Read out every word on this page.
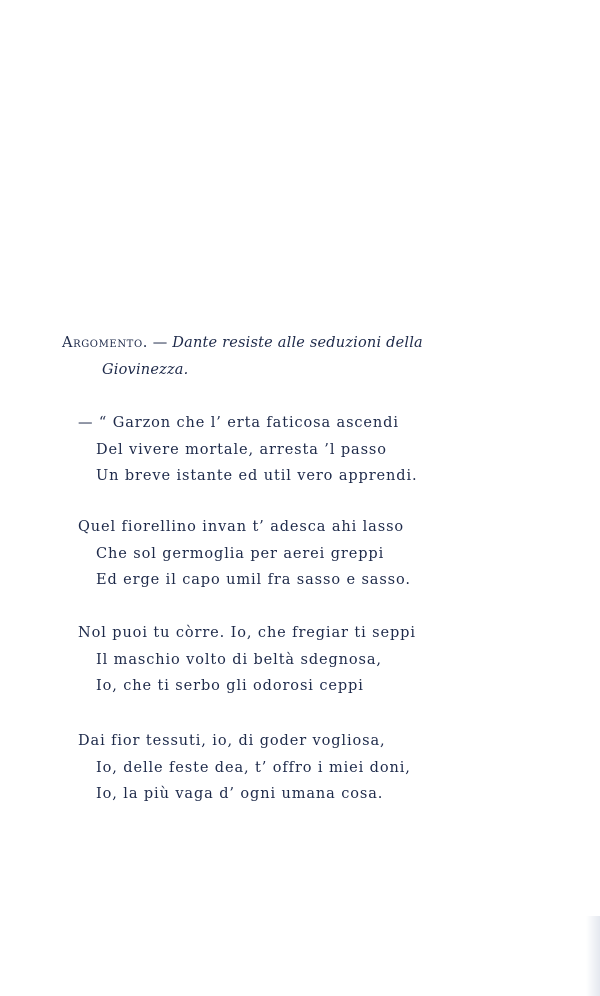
Argomento. — Dante resiste alle seduzioni della
Giovinezza.
— “ Garzon che l’ erta faticosa ascendi
Del vivere mortale, arresta ’l passo
Un breve istante ed util vero apprendi.
Quel fiorellino invan t’ adesca ahi lasso
Che sol germoglia per aerei greppi
Ed erge il capo umil fra sasso e sasso.
Nol puoi tu còrre. Io, che fregiar ti seppi
Il maschio volto di beltà sdegnosa,
Io, che ti serbo gli odorosi ceppi
Dai fior tessuti, io, di goder vogliosa,
Io, delle feste dea, t’ offro i miei doni,
Io, la più vaga d’ ogni umana cosa.
